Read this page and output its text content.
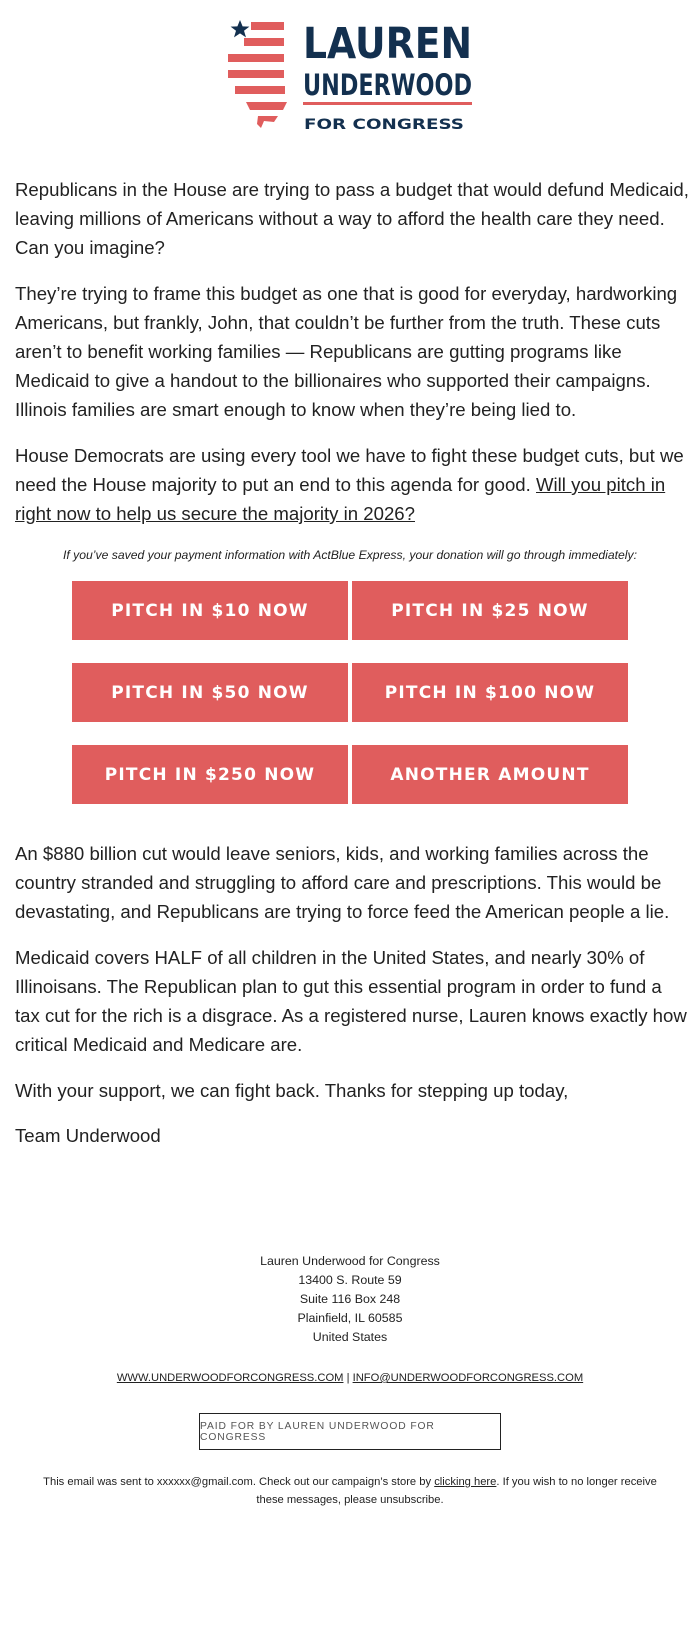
LAUREN
UNDERWOOD
FOR CONGRESS

Republicans in the House are trying to pass a budget that would defund Medicaid, leaving millions of Americans without a way to afford the health care they need. Can you imagine?

They’re trying to frame this budget as one that is good for everyday, hardworking Americans, but frankly, John, that couldn’t be further from the truth. These cuts aren’t to benefit working families — Republicans are gutting programs like Medicaid to give a handout to the billionaires who supported their campaigns. Illinois families are smart enough to know when they’re being lied to.

House Democrats are using every tool we have to fight these budget cuts, but we need the House majority to put an end to this agenda for good. Will you pitch in right now to help us secure the majority in 2026?

If you’ve saved your payment information with ActBlue Express, your donation will go through immediately:

PITCH IN $10 NOW	PITCH IN $25 NOW
PITCH IN $50 NOW	PITCH IN $100 NOW
PITCH IN $250 NOW	ANOTHER AMOUNT

An $880 billion cut would leave seniors, kids, and working families across the country stranded and struggling to afford care and prescriptions. This would be devastating, and Republicans are trying to force feed the American people a lie.

Medicaid covers HALF of all children in the United States, and nearly 30% of Illinoisans. The Republican plan to gut this essential program in order to fund a tax cut for the rich is a disgrace. As a registered nurse, Lauren knows exactly how critical Medicaid and Medicare are.

With your support, we can fight back. Thanks for stepping up today,

Team Underwood

Lauren Underwood for Congress

13400 S. Route 59

Suite 116 Box 248

Plainfield, IL 60585

United States

WWW.UNDERWOODFORCONGRESS.COM | INFO@UNDERWOODFORCONGRESS.COM

PAID FOR BY LAUREN UNDERWOOD FOR CONGRESS

This email was sent to xxxxxx@gmail.com. Check out our campaign’s store by clicking here. If you wish to no longer receive these messages, please unsubscribe.
